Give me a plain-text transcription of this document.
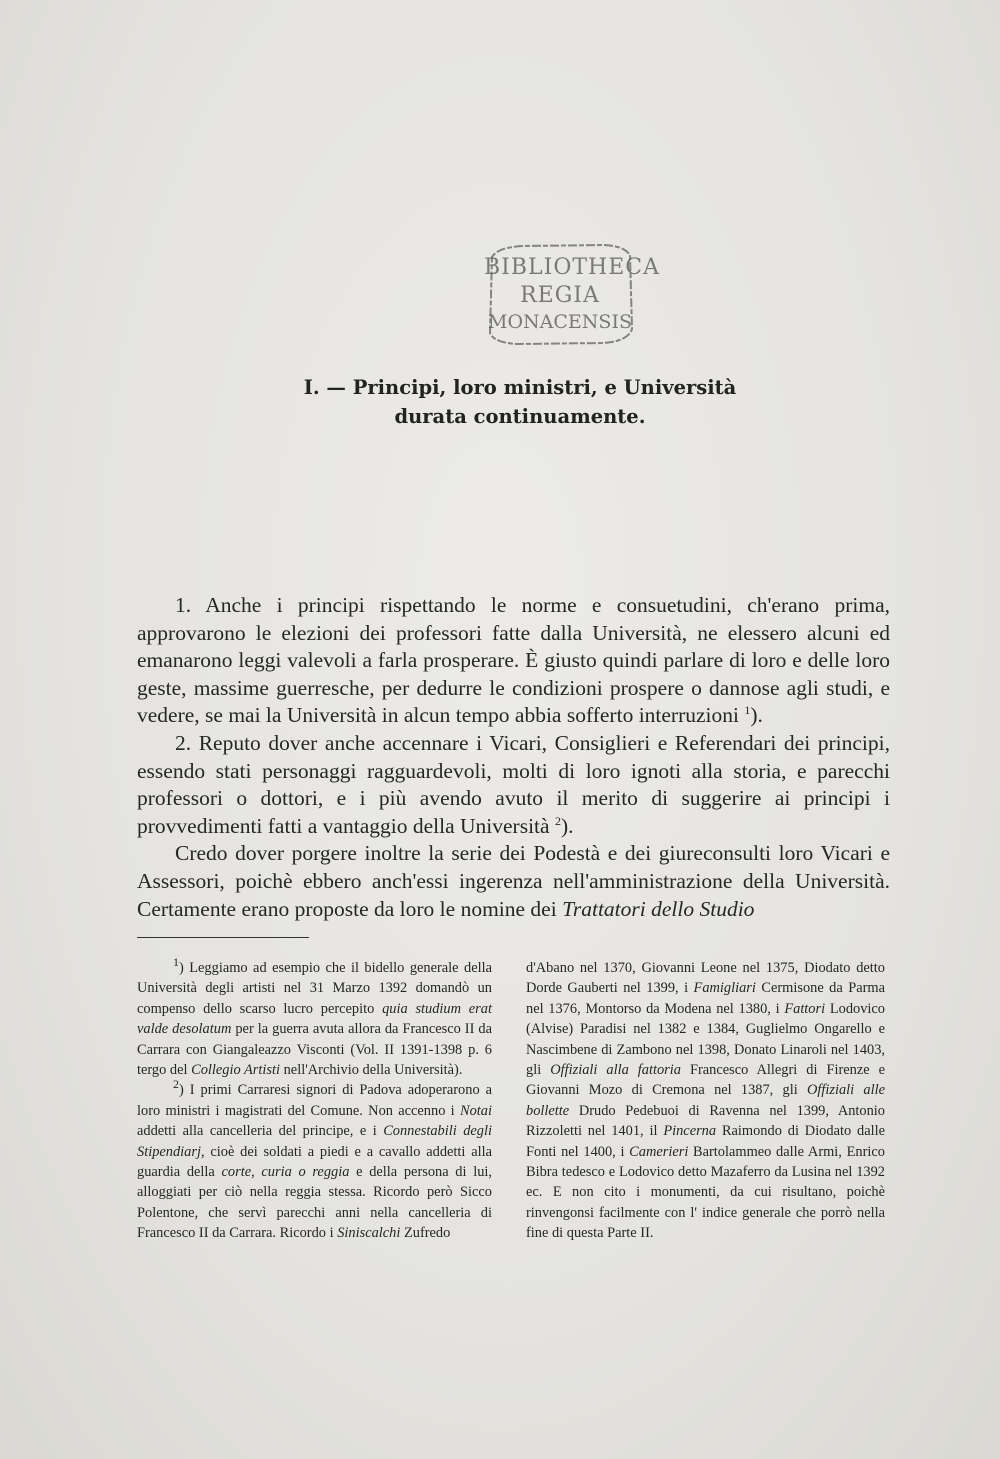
BIBLIOTHECA
REGIA
MONACENSIS
I. — Principi, loro ministri, e Università
durata continuamente.

1. Anche i principi rispettando le norme e consuetudini, ch'erano prima, approvarono le elezioni dei professori fatte dalla Università, ne elessero alcuni ed emanarono leggi valevoli a farla prosperare. È giusto quindi parlare di loro e delle loro geste, massime guerresche, per dedurre le condizioni prospere o dannose agli studi, e vedere, se mai la Università in alcun tempo abbia sofferto interruzioni $^1$).

2. Reputo dover anche accennare i Vicari, Consiglieri e Referendari dei principi, essendo stati personaggi ragguardevoli, molti di loro ignoti alla storia, e parecchi professori o dottori, e i più avendo avuto il merito di suggerire ai principi i provvedimenti fatti a vantaggio della Università $^2$).

Credo dover porgere inoltre la serie dei Podestà e dei giureconsulti loro Vicari e Assessori, poichè ebbero anch'essi ingerenza nell'amministrazione della Università. Certamente erano proposte da loro le nomine dei Trattatori dello Studio

$^1$) Leggiamo ad esempio che il bidello generale della Università degli artisti nel 31 Marzo 1392 domandò un compenso dello scarso lucro percepito quia studium erat valde desolatum per la guerra avuta allora da Francesco II da Carrara con Giangaleazzo Visconti (Vol. II 1391-1398 p. 6 tergo del Collegio Artisti nell'Archivio della Università).

$^2$) I primi Carraresi signori di Padova adoperarono a loro ministri i magistrati del Comune. Non accenno i Notai addetti alla cancelleria del principe, e i Connestabili degli Stipendiarj, cioè dei soldati a piedi e a cavallo addetti alla guardia della corte, curia o reggia e della persona di lui, alloggiati per ciò nella reggia stessa. Ricordo però Sicco Polentone, che servì parecchi anni nella cancelleria di Francesco II da Carrara. Ricordo i Siniscalchi Zufredo

d'Abano nel 1370, Giovanni Leone nel 1375, Diodato detto Dorde Gauberti nel 1399, i Famigliari Cermisone da Parma nel 1376, Montorso da Modena nel 1380, i Fattori Lodovico (Alvise) Paradisi nel 1382 e 1384, Guglielmo Ongarello e Nascimbene di Zambono nel 1398, Donato Linaroli nel 1403, gli Offiziali alla fattoria Francesco Allegri di Firenze e Giovanni Mozo di Cremona nel 1387, gli Offiziali alle bollette Drudo Pedebuoi di Ravenna nel 1399, Antonio Rizzoletti nel 1401, il Pincerna Raimondo di Diodato dalle Fonti nel 1400, i Camerieri Bartolammeo dalle Armi, Enrico Bibra tedesco e Lodovico detto Mazaferro da Lusina nel 1392 ec. E non cito i monumenti, da cui risultano, poichè rinvengonsi facilmente con l' indice generale che porrò nella fine di questa Parte II.
